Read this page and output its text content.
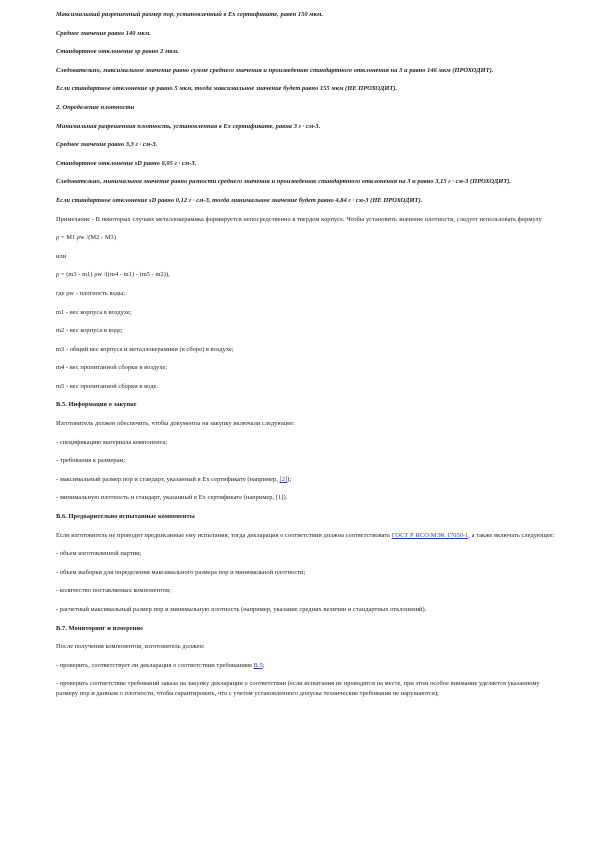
Максимальный разрешенный размер пор, установленный в Ex сертификате, равен 150 мкм.

Среднее значение равно 140 мкм.

Стандартное отклонение sp равно 2 мкм.

Следовательно, максимальное значение равно сумме среднего значения и произведению стандартного отклонения на 3 и равно 146 мкм (ПРОХОДИТ).

Если стандартное отклонение sp равно 5 мкм, тогда максимальное значение будет равно 155 мкм (НЕ ПРОХОДИТ).

2. Определение плотности

Минимальная разрешенная плотность, установленная в Ex сертификате, равна 3 г · см-3.

Среднее значение равно 3,3 г · см-3.

Стандартное отклонение sD равно 0,05 г · см-3.

Следовательно, минимальное значение равно разности среднего значения и произведению стандартного отклонения на 3 и равно 3,15 г · см-3 (ПРОХОДИТ).

Если стандартное отклонение sD равно 0,12 г · см-3, тогда минимальное значение будет равно 4,84 г · см-3 (НЕ ПРОХОДИТ).

Примечание - В некоторых случаях металлокерамика формируется непосредственно в твердом корпусе. Чтобы установить значение плотности, следует использовать формулу

ρ = M1 ρw /(M2 - M3)

или

ρ = (m3 - m1) ρw /((m4 - m1) - (m5 - m2)),

где ρw - плотность воды;

m1 - вес корпуса в воздухе;

m2 - вес корпуса в воде;

m3 - общий вес корпуса и металлокерамики (в сборе) в воздухе;

m4 - вес пропитанной сборки в воздухе;

m5 - вес пропитанной сборки в воде.

B.5. Информация о закупке

Изготовитель должен обеспечить, чтобы документы на закупку включали следующее:

- спецификацию материала компонента;

- требования к размерам;

- максимальный размер пор и стандарт, указанный в Ex сертификате (например, [2]);

- минимальную плотность и стандарт, указанный в Ex сертификате (например, [1]).

B.6. Предварительно испытанные компоненты

Если изготовитель не проводит предписанные ему испытания, тогда декларация о соответствии должна соответствовать ГОСТ Р ИСО/МЭК 17050-1, а также включать следующее:

- объем изготовленной партии;

- объем выборки для определения максимального размера пор и минимальной плотности;

- количество поставляемых компонентов;

- расчетный максимальный размер пор и минимальную плотность (например, указание средних величин и стандартных отклонений).

B.7. Мониторинг и измерение

После получения компонентов, изготовитель должен:

- проверить, соответствует ли декларация о соответствии требованиям B.5;

- проверить соответствие требований заказа на закупку декларации о соответствии (если испытания не проводятся на месте, при этом особое внимание уделяется указанному размеру пор и данным о плотности, чтобы гарантировать, что с учетом установленного допуска технические требования не нарушаются);
